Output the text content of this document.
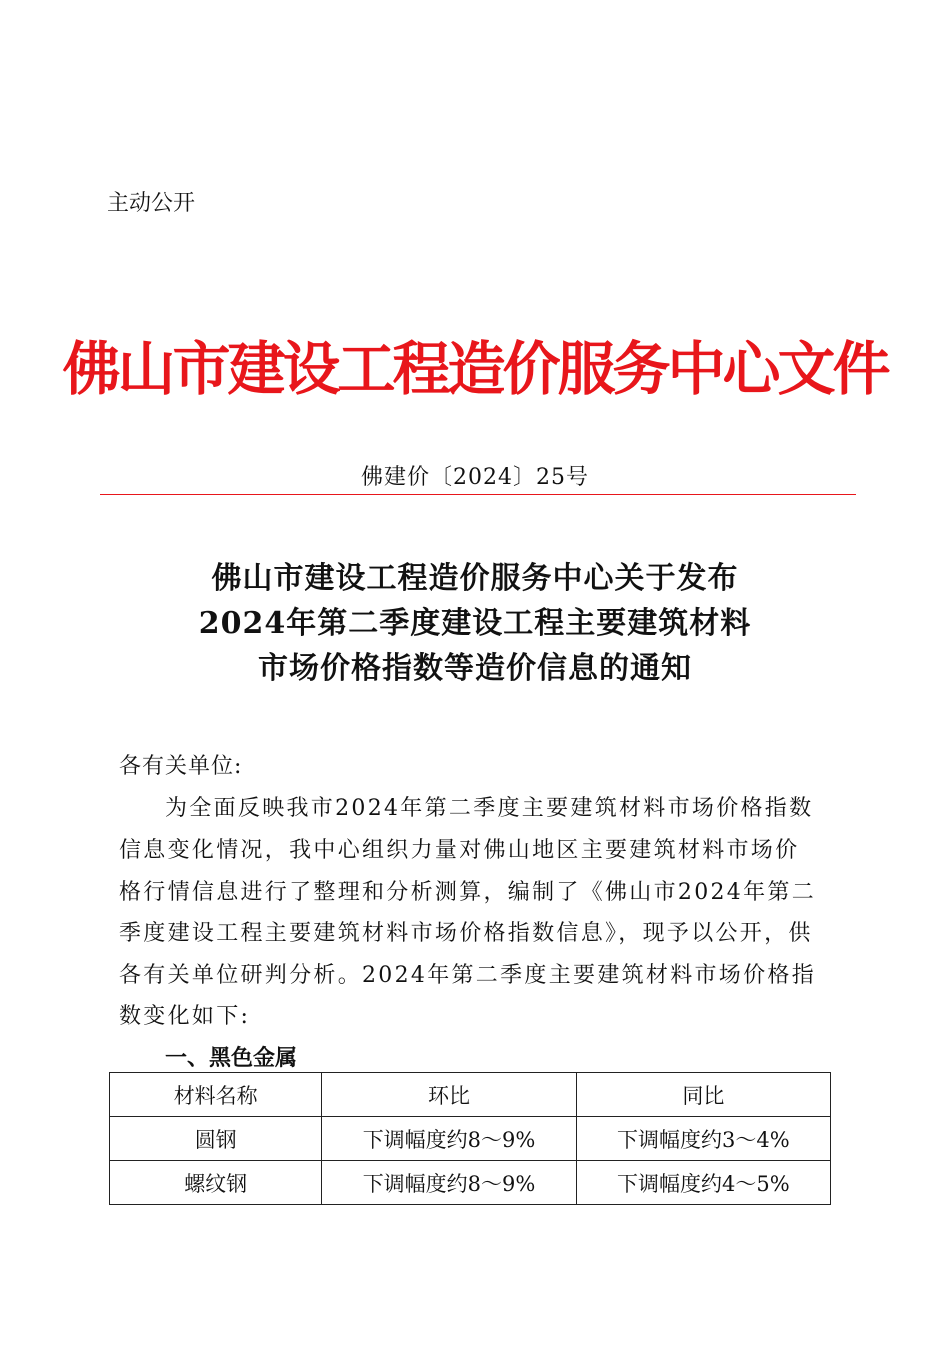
主动公开
佛山市建设工程造价服务中心文件
佛建价〔2024〕25号
佛山市建设工程造价服务中心关于发布
2024年第二季度建设工程主要建筑材料
市场价格指数等造价信息的通知
各有关单位:
为全面反映我市2024年第二季度主要建筑材料市场价格指数
信息变化情况，我中心组织力量对佛山地区主要建筑材料市场价
格行情信息进行了整理和分析测算，编制了《佛山市2024年第二
季度建设工程主要建筑材料市场价格指数信息》，现予以公开，供
各有关单位研判分析。2024年第二季度主要建筑材料市场价格指
数变化如下:
一、黑色金属
材料名称	环比	同比
圆钢	下调幅度约8～9%	下调幅度约3～4%
螺纹钢	下调幅度约8～9%	下调幅度约4～5%
